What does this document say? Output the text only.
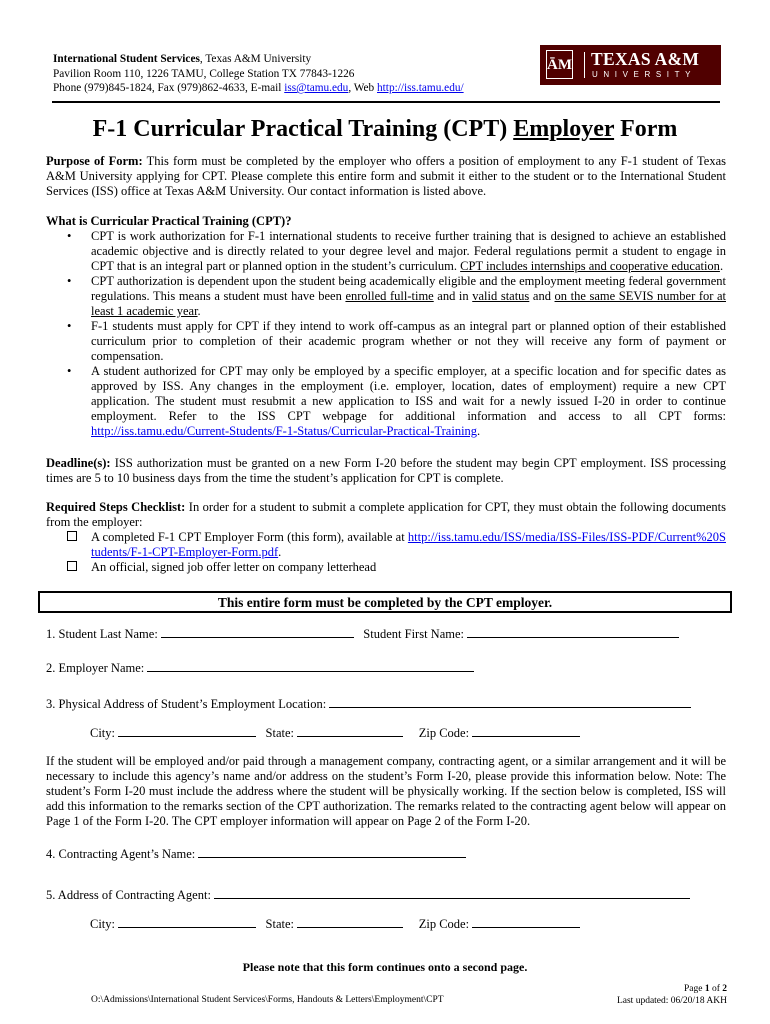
International Student Services, Texas A&M University
Pavilion Room 110, 1226 TAMU, College Station TX 77843-1226
Phone (979)845-1824, Fax (979)862-4633, E-mail iss@tamu.edu, Web http://iss.tamu.edu/
ĀM TEXAS A&M
UNIVERSITY
F-1 Curricular Practical Training (CPT) Employer Form
Purpose of Form: This form must be completed by the employer who offers a position of employment to any F-1 student of Texas A&M University applying for CPT. Please complete this entire form and submit it either to the student or to the International Student Services (ISS) office at Texas A&M University. Our contact information is listed above.
What is Curricular Practical Training (CPT)?
• CPT is work authorization for F-1 international students to receive further training that is designed to achieve an established academic objective and is directly related to your degree level and major. Federal regulations permit a student to engage in CPT that is an integral part or planned option in the student’s curriculum. CPT includes internships and cooperative education.
• CPT authorization is dependent upon the student being academically eligible and the employment meeting federal government regulations. This means a student must have been enrolled full-time and in valid status and on the same SEVIS number for at least 1 academic year.
• F-1 students must apply for CPT if they intend to work off-campus as an integral part or planned option of their established curriculum prior to completion of their academic program whether or not they will receive any form of payment or compensation.
• A student authorized for CPT may only be employed by a specific employer, at a specific location and for specific dates as approved by ISS. Any changes in the employment (i.e. employer, location, dates of employment) require a new CPT application. The student must resubmit a new application to ISS and wait for a newly issued I-20 in order to continue employment. Refer to the ISS CPT webpage for additional information and access to all CPT forms: http://iss.tamu.edu/Current-Students/F-1-Status/Curricular-Practical-Training.
Deadline(s): ISS authorization must be granted on a new Form I-20 before the student may begin CPT employment. ISS processing times are 5 to 10 business days from the time the student’s application for CPT is complete.
Required Steps Checklist: In order for a student to submit a complete application for CPT, they must obtain the following documents from the employer:
A completed F-1 CPT Employer Form (this form), available at http://iss.tamu.edu/ISS/media/ISS-Files/ISS-PDF/Current%20Students/F-1-CPT-Employer-Form.pdf.
An official, signed job offer letter on company letterhead
This entire form must be completed by the CPT employer.
1. Student Last Name:	Student First Name:
2. Employer Name:
3. Physical Address of Student’s Employment Location:
City:	State:	Zip Code:
If the student will be employed and/or paid through a management company, contracting agent, or a similar arrangement and it will be necessary to include this agency’s name and/or address on the student’s Form I-20, please provide this information below. Note: The student’s Form I-20 must include the address where the student will be physically working. If the section below is completed, ISS will add this information to the remarks section of the CPT authorization. The remarks related to the contracting agent below will appear on Page 1 of the Form I-20. The CPT employer information will appear on Page 2 of the Form I-20.
4. Contracting Agent’s Name:
5. Address of Contracting Agent:
City:	State:	Zip Code:
Please note that this form continues onto a second page.
Page 1 of 2
Last updated: 06/20/18 AKH
O:\Admissions\International Student Services\Forms, Handouts & Letters\Employment\CPT
